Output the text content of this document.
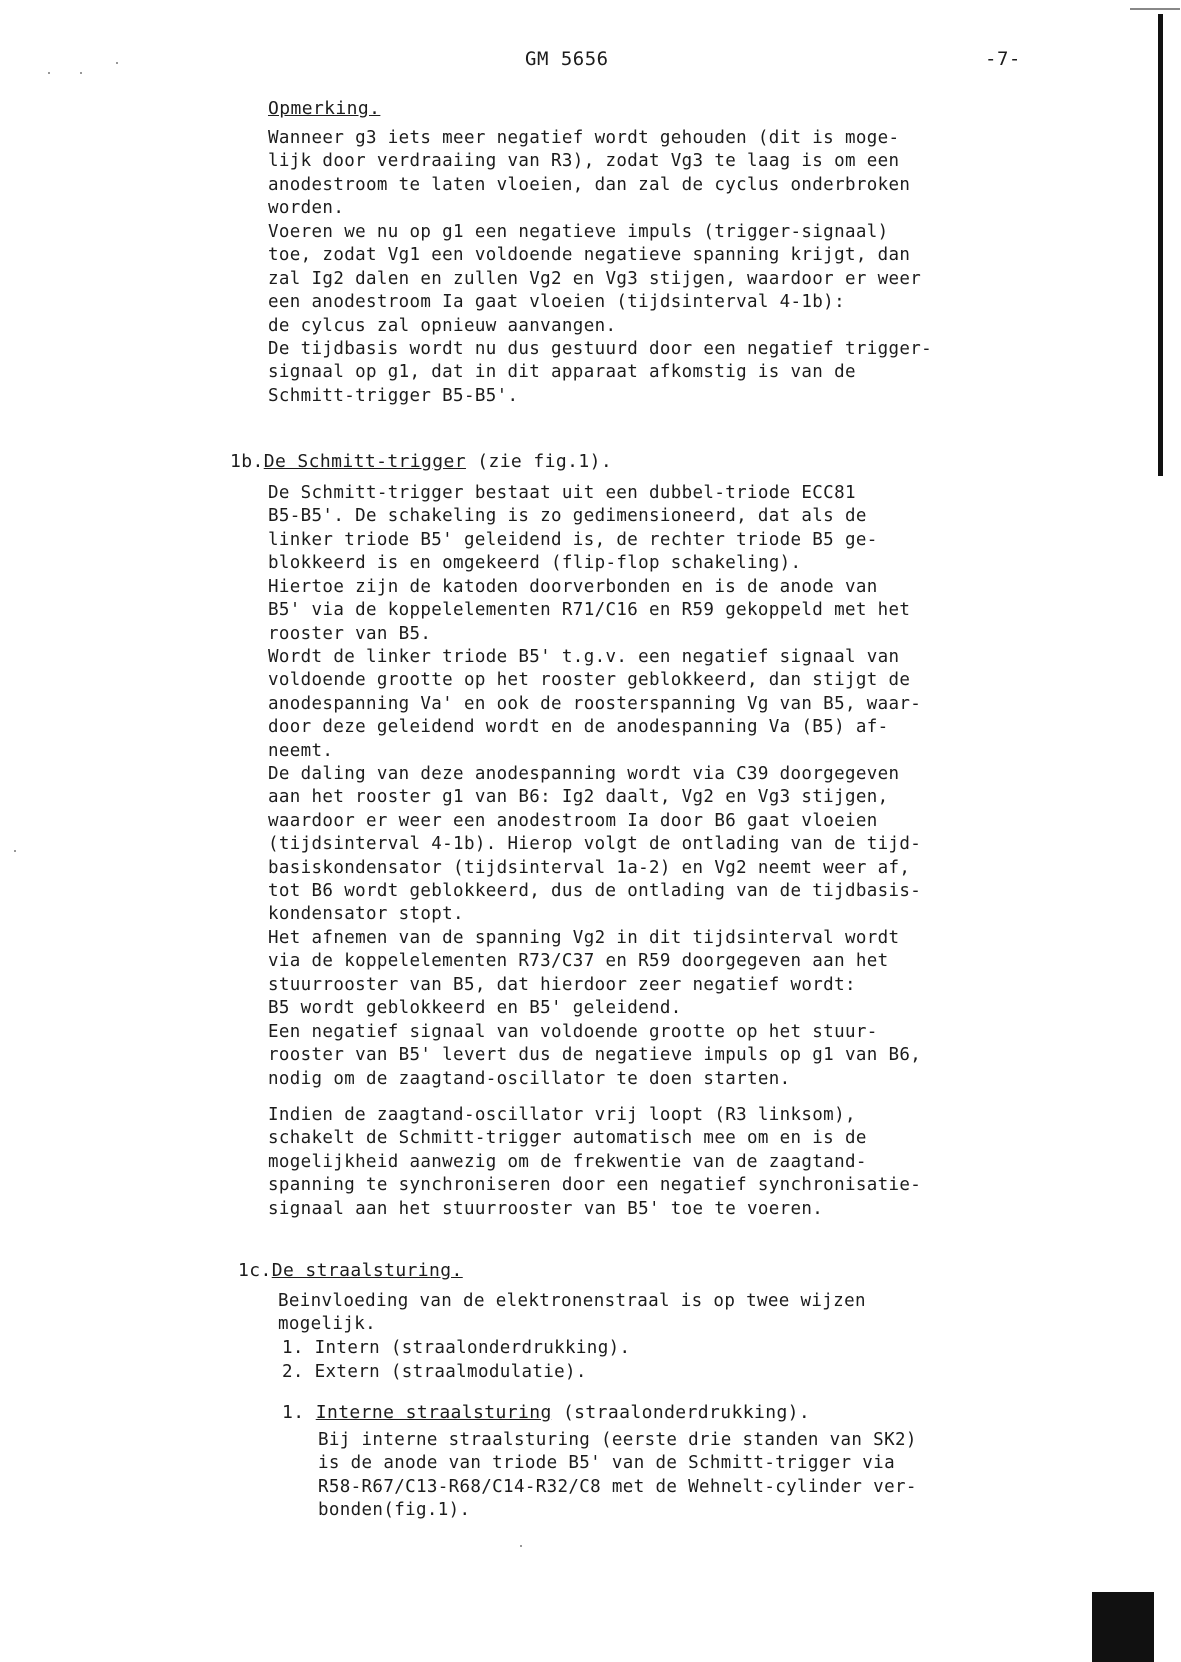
GM 5656	-7-
Opmerking.
Wanneer g3 iets meer negatief wordt gehouden (dit is moge-
lijk door verdraaiing van R3), zodat Vg3 te laag is om een
anodestroom te laten vloeien, dan zal de cyclus onderbroken
worden.
Voeren we nu op g1 een negatieve impuls (trigger-signaal)
toe, zodat Vg1 een voldoende negatieve spanning krijgt, dan
zal Ig2 dalen en zullen Vg2 en Vg3 stijgen, waardoor er weer
een anodestroom Ia gaat vloeien (tijdsinterval 4-1b):
de cylcus zal opnieuw aanvangen.
De tijdbasis wordt nu dus gestuurd door een negatief trigger-
signaal op g1, dat in dit apparaat afkomstig is van de
Schmitt-trigger B5-B5'.
1b.De Schmitt-trigger (zie fig.1).
De Schmitt-trigger bestaat uit een dubbel-triode ECC81
B5-B5'. De schakeling is zo gedimensioneerd, dat als de
linker triode B5' geleidend is, de rechter triode B5 ge-
blokkeerd is en omgekeerd (flip-flop schakeling).
Hiertoe zijn de katoden doorverbonden en is de anode van
B5' via de koppelelementen R71/C16 en R59 gekoppeld met het
rooster van B5.
Wordt de linker triode B5' t.g.v. een negatief signaal van
voldoende grootte op het rooster geblokkeerd, dan stijgt de
anodespanning Va' en ook de roosterspanning Vg van B5, waar-
door deze geleidend wordt en de anodespanning Va (B5) af-
neemt.
De daling van deze anodespanning wordt via C39 doorgegeven
aan het rooster g1 van B6: Ig2 daalt, Vg2 en Vg3 stijgen,
waardoor er weer een anodestroom Ia door B6 gaat vloeien
(tijdsinterval 4-1b). Hierop volgt de ontlading van de tijd-
basiskondensator (tijdsinterval 1a-2) en Vg2 neemt weer af,
tot B6 wordt geblokkeerd, dus de ontlading van de tijdbasis-
kondensator stopt.
Het afnemen van de spanning Vg2 in dit tijdsinterval wordt
via de koppelelementen R73/C37 en R59 doorgegeven aan het
stuurrooster van B5, dat hierdoor zeer negatief wordt:
B5 wordt geblokkeerd en B5' geleidend.
Een negatief signaal van voldoende grootte op het stuur-
rooster van B5' levert dus de negatieve impuls op g1 van B6,
nodig om de zaagtand-oscillator te doen starten.
Indien de zaagtand-oscillator vrij loopt (R3 linksom),
schakelt de Schmitt-trigger automatisch mee om en is de
mogelijkheid aanwezig om de frekwentie van de zaagtand-
spanning te synchroniseren door een negatief synchronisatie-
signaal aan het stuurrooster van B5' toe te voeren.
1c.De straalsturing.
Beinvloeding van de elektronenstraal is op twee wijzen
mogelijk.
1. Intern (straalonderdrukking).
2. Extern (straalmodulatie).
1. Interne straalsturing (straalonderdrukking).
Bij interne straalsturing (eerste drie standen van SK2)
is de anode van triode B5' van de Schmitt-trigger via
R58-R67/C13-R68/C14-R32/C8 met de Wehnelt-cylinder ver-
bonden(fig.1).
